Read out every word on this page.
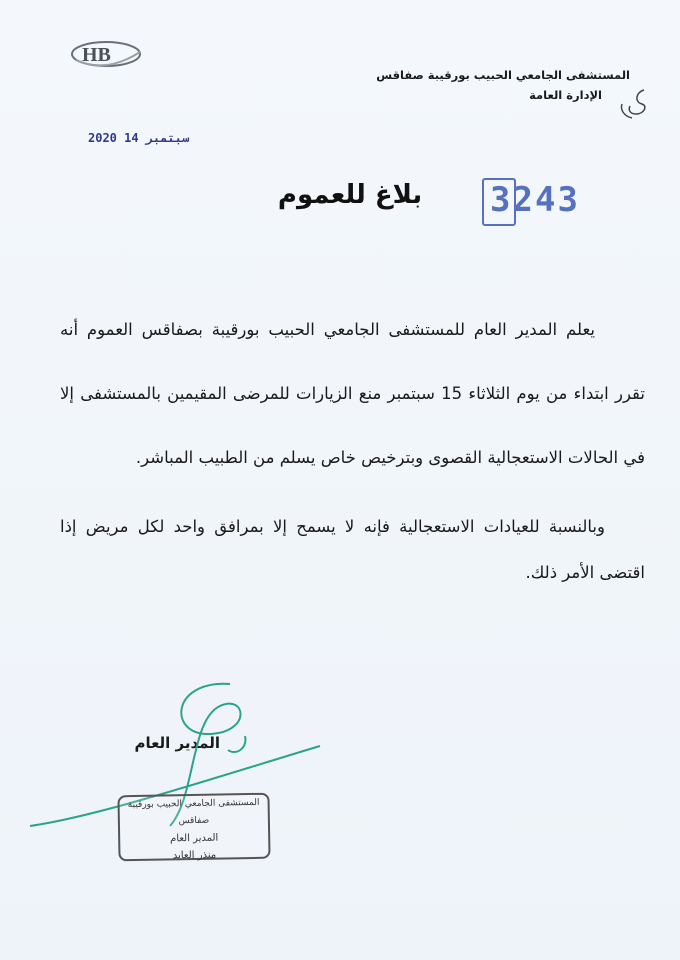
HB
المستشفى الجامعي الحبيب بورقيبة صفاقس
الإدارة العامة
2020 سبتمبر 14
3243
بلاغ للعموم
يعلم المدير العام للمستشفى الجامعي الحبيب بورقيبة بصفاقس العموم أنه تقرر ابتداء من يوم الثلاثاء 15 سبتمبر منع الزيارات للمرضى المقيمين بالمستشفى إلا في الحالات الاستعجالية القصوى وبترخيص خاص يسلم من الطبيب المباشر.
وبالنسبة للعيادات الاستعجالية فإنه لا يسمح إلا بمرافق واحد لكل مريض إذا اقتضى الأمر ذلك.
المدير العام
المستشفى الجامعي الحبيب بورقيبة صفاقس
المدير العام
منذر العابد
